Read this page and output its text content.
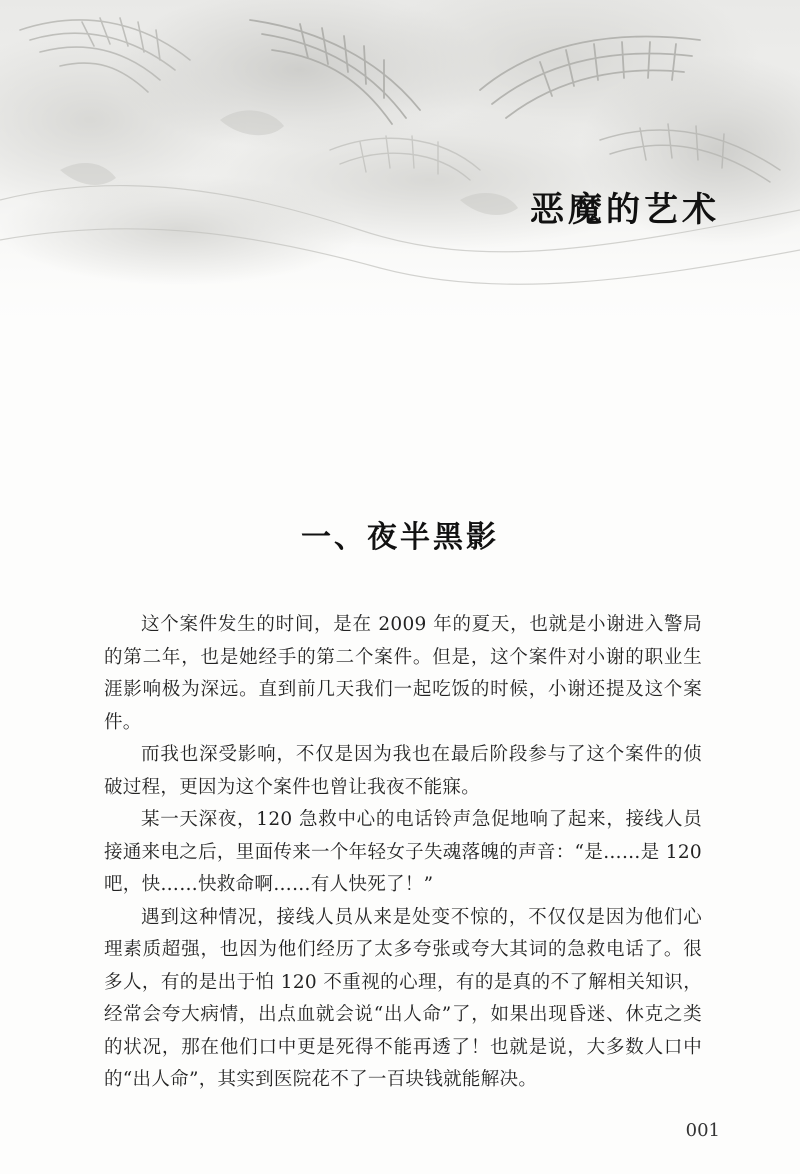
恶魔的艺术
一、夜半黑影

这个案件发生的时间，是在 2009 年的夏天，也就是小谢进入警局的第二年，也是她经手的第二个案件。但是，这个案件对小谢的职业生涯影响极为深远。直到前几天我们一起吃饭的时候，小谢还提及这个案件。

而我也深受影响，不仅是因为我也在最后阶段参与了这个案件的侦破过程，更因为这个案件也曾让我夜不能寐。

某一天深夜，120 急救中心的电话铃声急促地响了起来，接线人员接通来电之后，里面传来一个年轻女子失魂落魄的声音：“是……是 120 吧，快……快救命啊……有人快死了！”

遇到这种情况，接线人员从来是处变不惊的，不仅仅是因为他们心理素质超强，也因为他们经历了太多夸张或夸大其词的急救电话了。很多人，有的是出于怕 120 不重视的心理，有的是真的不了解相关知识，经常会夸大病情，出点血就会说“出人命”了，如果出现昏迷、休克之类的状况，那在他们口中更是死得不能再透了！也就是说，大多数人口中的“出人命”，其实到医院花不了一百块钱就能解决。

001
